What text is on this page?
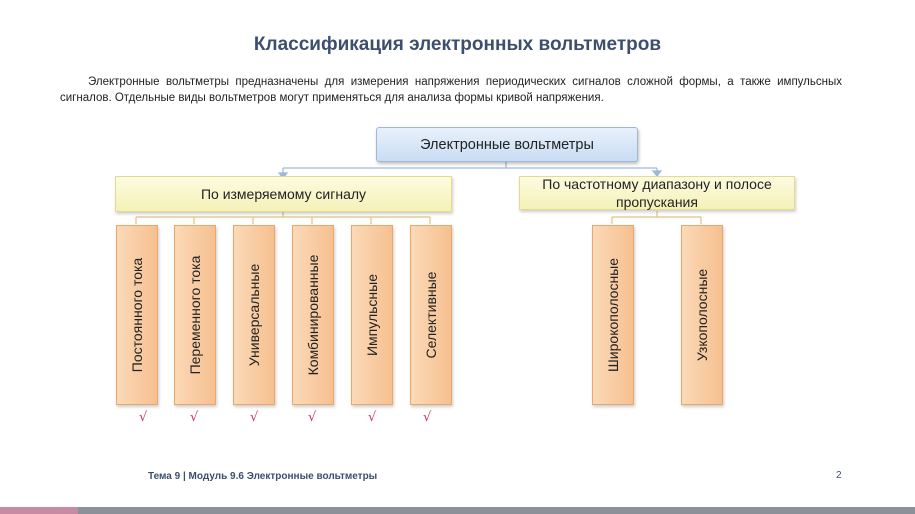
Классификация электронных вольтметров
Электронные вольтметры предназначены для измерения напряжения периодических сигналов сложной формы, а также импульсных сигналов. Отдельные виды вольтметров могут применяться для анализа формы кривой напряжения.
Электронные вольтметры
По измеряемому сигналу
По частотному диапазону и полосе пропускания
Постоянного тока	Переменного тока	Универсальные	Комбинированные	Импульсные	Селективные	Широкополосные	Узкополосные
√	√	√	√	√	√
Тема 9 | Модуль 9.6 Электронные вольтметры	2
